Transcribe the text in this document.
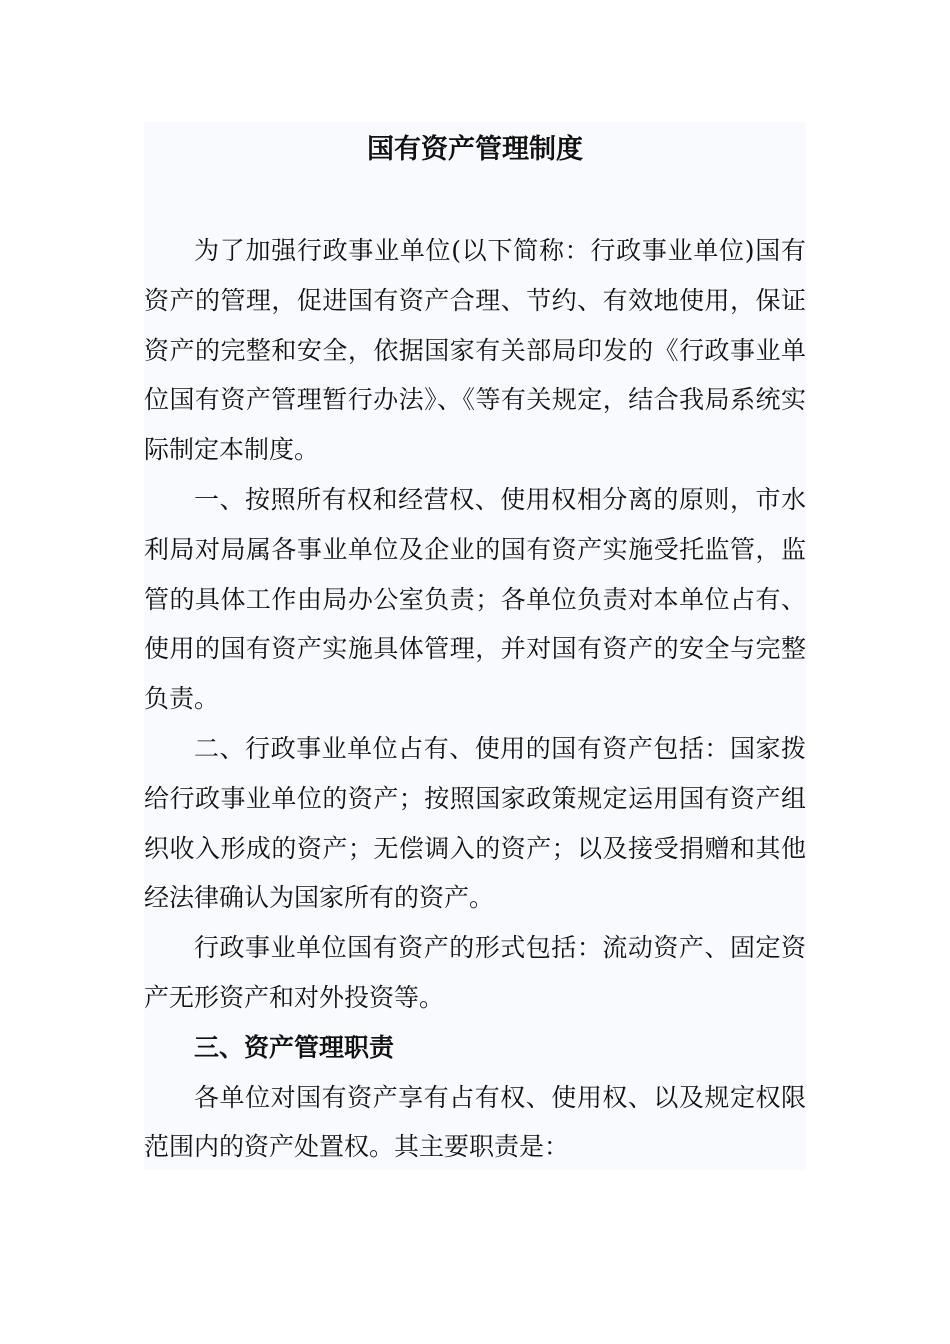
国有资产管理制度

为了加强行政事业单位(以下简称：行政事业单位)国有资产的管理，促进国有资产合理、节约、有效地使用，保证资产的完整和安全，依据国家有关部局印发的《行政事业单位国有资产管理暂行办法》、《等有关规定，结合我局系统实际制定本制度。

一、按照所有权和经营权、使用权相分离的原则，市水利局对局属各事业单位及企业的国有资产实施受托监管，监管的具体工作由局办公室负责；各单位负责对本单位占有、使用的国有资产实施具体管理，并对国有资产的安全与完整负责。

二、行政事业单位占有、使用的国有资产包括：国家拨给行政事业单位的资产；按照国家政策规定运用国有资产组织收入形成的资产；无偿调入的资产；以及接受捐赠和其他经法律确认为国家所有的资产。

行政事业单位国有资产的形式包括：流动资产、固定资产无形资产和对外投资等。

三、资产管理职责

各单位对国有资产享有占有权、使用权、以及规定权限范围内的资产处置权。其主要职责是：
